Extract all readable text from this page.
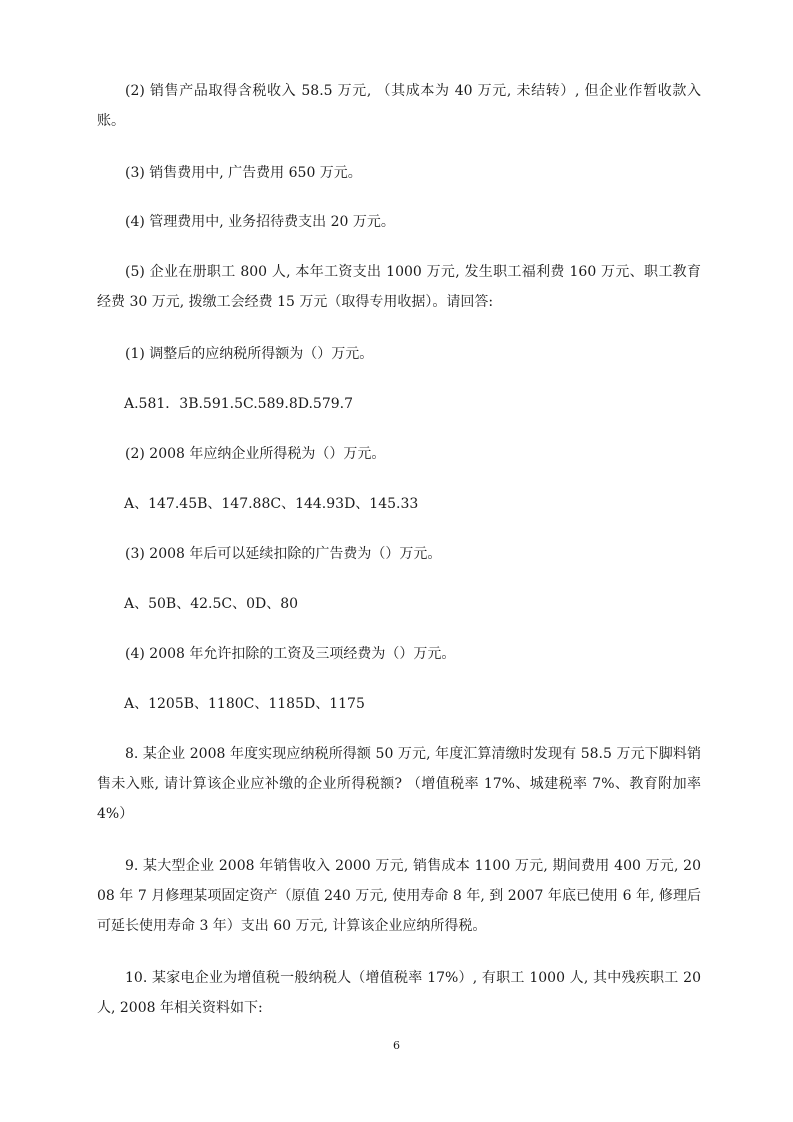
(2) 销售产品取得含税收入 58.5 万元, （其成本为 40 万元, 未结转）, 但企业作暂收款入账。

(3) 销售费用中, 广告费用 650 万元。

(4) 管理费用中, 业务招待费支出 20 万元。

(5) 企业在册职工 800 人, 本年工资支出 1000 万元, 发生职工福利费 160 万元、职工教育经费 30 万元, 拨缴工会经费 15 万元（取得专用收据）。请回答:

(1) 调整后的应纳税所得额为（）万元。

A.581．3B.591.5C.589.8D.579.7

(2) 2008 年应纳企业所得税为（）万元。

A、147.45B、147.88C、144.93D、145.33

(3) 2008 年后可以延续扣除的广告费为（）万元。

A、50B、42.5C、0D、80

(4) 2008 年允许扣除的工资及三项经费为（）万元。

A、1205B、1180C、1185D、1175

8. 某企业 2008 年度实现应纳税所得额 50 万元, 年度汇算清缴时发现有 58.5 万元下脚料销售未入账, 请计算该企业应补缴的企业所得税额? （增值税率 17%、城建税率 7%、教育附加率 4%）

9. 某大型企业 2008 年销售收入 2000 万元, 销售成本 1100 万元, 期间费用 400 万元, 2008 年 7 月修理某项固定资产（原值 240 万元, 使用寿命 8 年, 到 2007 年底已使用 6 年, 修理后可延长使用寿命 3 年）支出 60 万元, 计算该企业应纳所得税。

10. 某家电企业为增值税一般纳税人（增值税率 17%）, 有职工 1000 人, 其中残疾职工 20 人, 2008 年相关资料如下:

6
